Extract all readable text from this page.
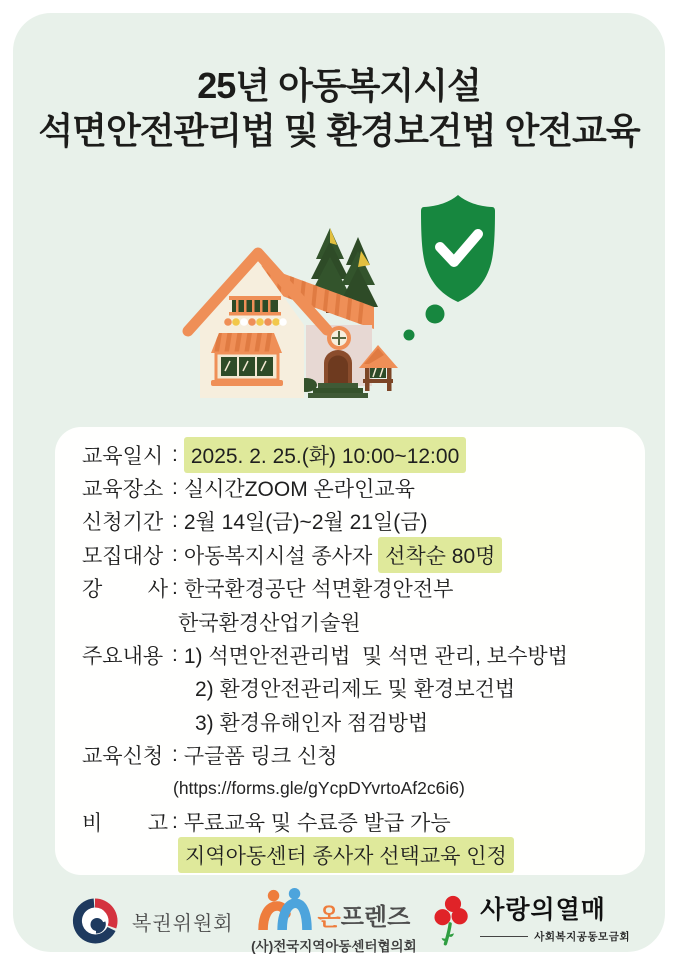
25년 아동복지시설
석면안전관리법 및 환경보건법 안전교육
교육일시 : 2025. 2. 25.(화) 10:00~12:00
교육장소 : 실시간ZOOM 온라인교육
신청기간 : 2월 14일(금)~2월 21일(금)
모집대상 : 아동복지시설 종사자 선착순 80명
강 사 : 한국환경공단 석면환경안전부
한국환경산업기술원
주요내용 : 1) 석면안전관리법  및 석면 관리, 보수방법
2) 환경안전관리제도 및 환경보건법
3) 환경유해인자 점검방법
교육신청 : 구글폼 링크 신청
(https://forms.gle/gYcpDYvrtoAf2c6i6)
비 고 : 무료교육 및 수료증 발급 가능
지역아동센터 종사자 선택교육 인정
복권위원회	온프렌즈
(사)전국지역아동센터협의회
사랑의열매
사회복지공동모금회
